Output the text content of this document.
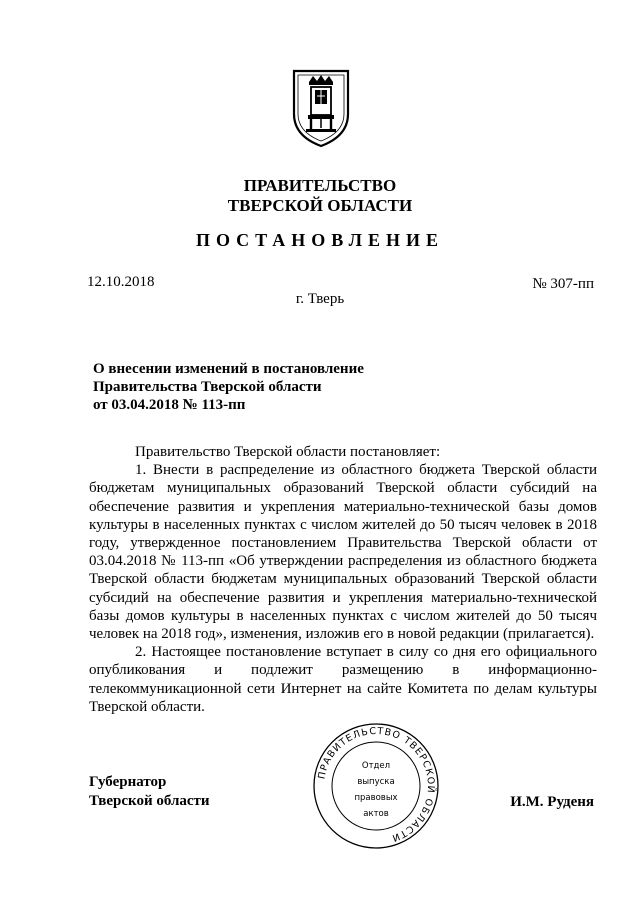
ПРАВИТЕЛЬСТВО
ТВЕРСКОЙ ОБЛАСТИ
ПОСТАНОВЛЕНИЕ
12.10.2018	№ 307-пп
г. Тверь
О внесении изменений в постановление
Правительства Тверской области
от 03.04.2018 № 113-пп

Правительство Тверской области постановляет:

1. Внести в распределение из областного бюджета Тверской области бюджетам муниципальных образований Тверской области субсидий на обеспечение развития и укрепления материально-технической базы домов культуры в населенных пунктах с числом жителей до 50 тысяч человек в 2018 году, утвержденное постановлением Правительства Тверской области от 03.04.2018 № 113-пп «Об утверждении распределения из областного бюджета Тверской области бюджетам муниципальных образований Тверской области субсидий на обеспечение развития и укрепления материально-технической базы домов культуры в населенных пунктах с числом жителей до 50 тысяч человек на 2018 год», изменения, изложив его в новой редакции (прилагается).

2. Настоящее постановление вступает в силу со дня его официального опубликования и подлежит размещению в информационно-телекоммуникационной сети Интернет на сайте Комитета по делам культуры Тверской области.

Губернатор
Тверской области	И.М. Руденя
ПРАВИТЕЛЬСТВО ТВЕРСКОЙ ОБЛАСТИ
Отдел
выпуска
правовых
актов
